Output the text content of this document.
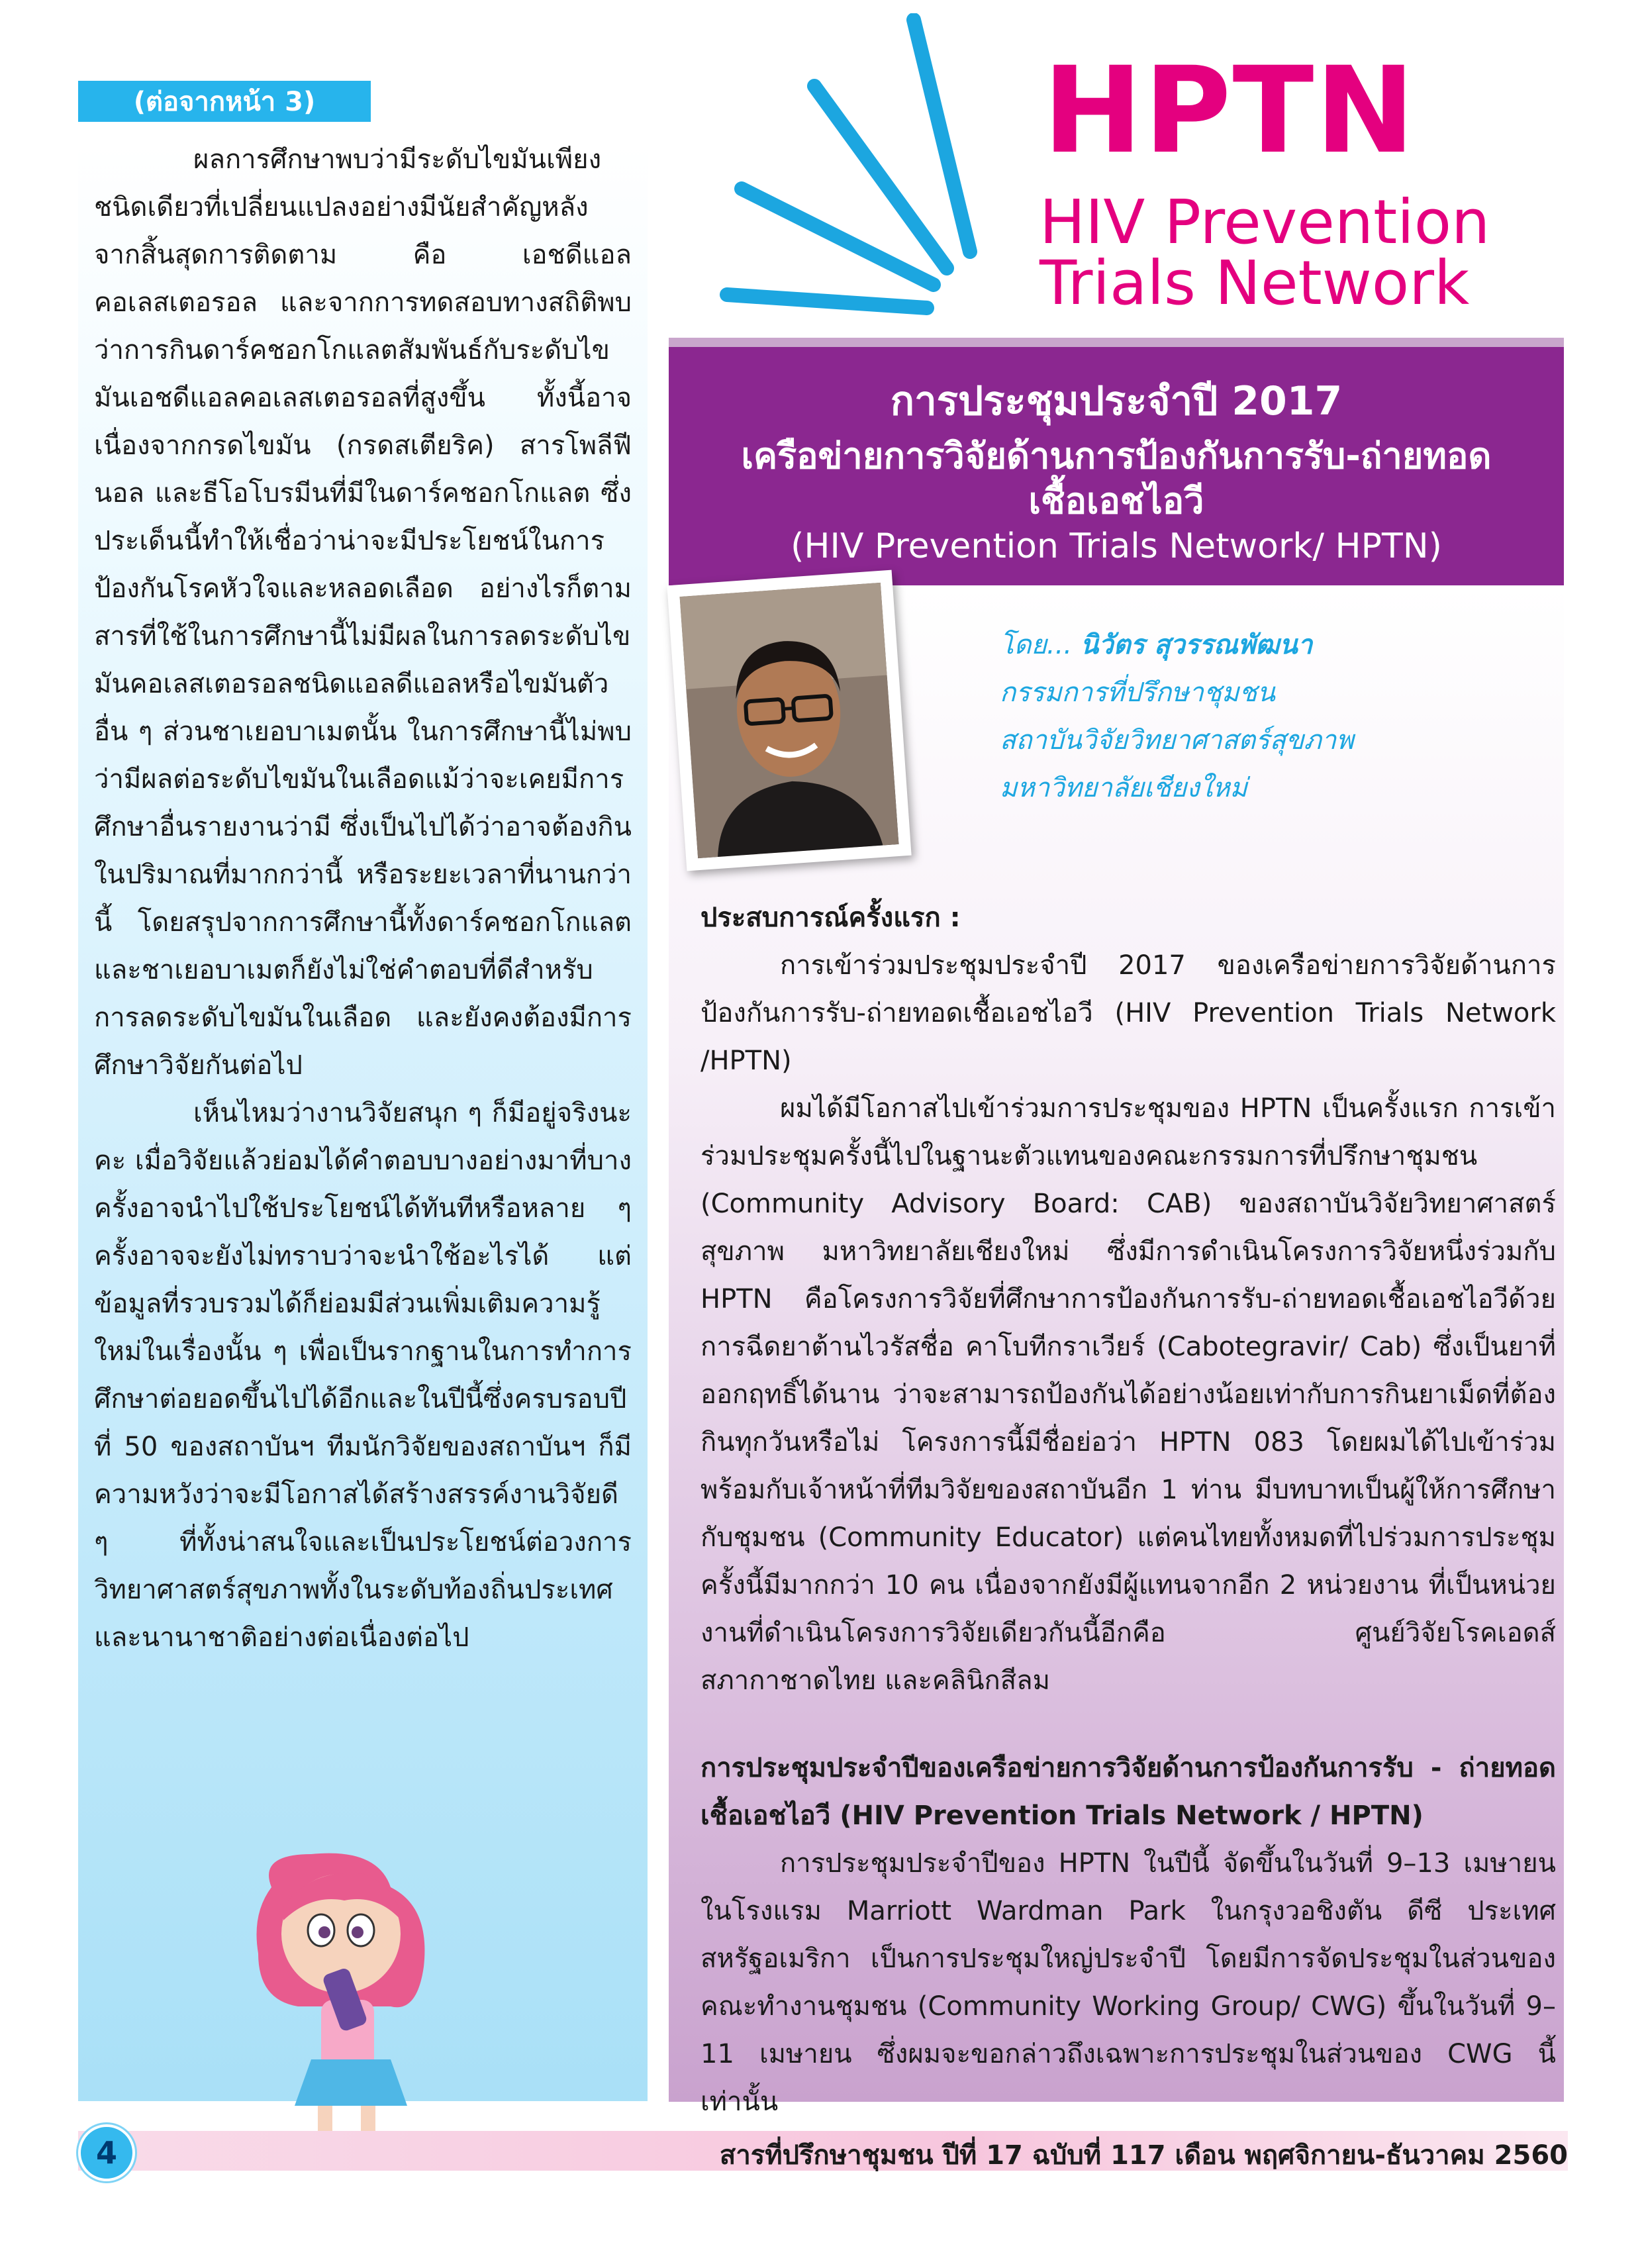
(ต่อจากหน้า 3)

ผลการศึกษาพบว่ามีระดับไขมันเพียงชนิดเดียวที่เปลี่ยนแปลงอย่างมีนัยสำคัญหลังจากสิ้นสุดการติดตาม คือ เอชดีแอลคอเลสเตอรอล และจากการทดสอบทางสถิติพบว่าการกินดาร์คชอกโกแลตสัมพันธ์กับระดับไขมันเอชดีแอลคอเลสเตอรอลที่สูงขึ้น ทั้งนี้อาจเนื่องจากกรดไขมัน (กรดสเตียริค) สารโพลีฟีนอล และธีโอโบรมีนที่มีในดาร์คชอกโกแลต ซึ่งประเด็นนี้ทำให้เชื่อว่าน่าจะมีประโยชน์ในการป้องกันโรคหัวใจและหลอดเลือด อย่างไรก็ตาม สารที่ใช้ในการศึกษานี้ไม่มีผลในการลดระดับไขมันคอเลสเตอรอลชนิดแอลดีแอลหรือไขมันตัวอื่น ๆ ส่วนชาเยอบาเมตนั้น ในการศึกษานี้ไม่พบว่ามีผลต่อระดับไขมันในเลือดแม้ว่าจะเคยมีการศึกษาอื่นรายงานว่ามี ซึ่งเป็นไปได้ว่าอาจต้องกินในปริมาณที่มากกว่านี้ หรือระยะเวลาที่นานกว่านี้ โดยสรุปจากการศึกษานี้ทั้งดาร์คชอกโกแลตและชาเยอบาเมตก็ยังไม่ใช่คำตอบที่ดีสำหรับการลดระดับไขมันในเลือด และยังคงต้องมีการศึกษาวิจัยกันต่อไป

เห็นไหมว่างานวิจัยสนุก ๆ ก็มีอยู่จริงนะคะ เมื่อวิจัยแล้วย่อมได้คำตอบบางอย่างมาที่บางครั้งอาจนำไปใช้ประโยชน์ได้ทันทีหรือหลาย ๆ ครั้งอาจจะยังไม่ทราบว่าจะนำใช้อะไรได้ แต่ข้อมูลที่รวบรวมได้ก็ย่อมมีส่วนเพิ่มเติมความรู้ใหม่ในเรื่องนั้น ๆ เพื่อเป็นรากฐานในการทำการศึกษาต่อยอดขึ้นไปได้อีกและในปีนี้ซึ่งครบรอบปีที่ 50 ของสถาบันฯ ทีมนักวิจัยของสถาบันฯ ก็มีความหวังว่าจะมีโอกาสได้สร้างสรรค์งานวิจัยดี ๆ ที่ทั้งน่าสนใจและเป็นประโยชน์ต่อวงการวิทยาศาสตร์สุขภาพทั้งในระดับท้องถิ่นประเทศและนานาชาติอย่างต่อเนื่องต่อไป

HPTN
HIV Prevention
Trials Network
การประชุมประจำปี 2017
เครือข่ายการวิจัยด้านการป้องกันการรับ-ถ่ายทอด
เชื้อเอชไอวี
(HIV Prevention Trials Network/ HPTN)
โดย... นิวัตร สุวรรณพัฒนา
กรรมการที่ปรึกษาชุมชน
สถาบันวิจัยวิทยาศาสตร์สุขภาพ
มหาวิทยาลัยเชียงใหม่
ประสบการณ์ครั้งแรก :

การเข้าร่วมประชุมประจำปี 2017 ของเครือข่ายการวิจัยด้านการป้องกันการรับ-ถ่ายทอดเชื้อเอชไอวี (HIV Prevention Trials Network /HPTN)

ผมได้มีโอกาสไปเข้าร่วมการประชุมของ HPTN เป็นครั้งแรก การเข้าร่วมประชุมครั้งนี้ไปในฐานะตัวแทนของคณะกรรมการที่ปรึกษาชุมชน (Community Advisory Board: CAB) ของสถาบันวิจัยวิทยาศาสตร์สุขภาพ มหาวิทยาลัยเชียงใหม่ ซึ่งมีการดำเนินโครงการวิจัยหนึ่งร่วมกับ HPTN คือโครงการวิจัยที่ศึกษาการป้องกันการรับ-ถ่ายทอดเชื้อเอชไอวีด้วยการฉีดยาต้านไวรัสชื่อ คาโบทีกราเวียร์ (Cabotegravir/ Cab) ซึ่งเป็นยาที่ออกฤทธิ์ได้นาน ว่าจะสามารถป้องกันได้อย่างน้อยเท่ากับการกินยาเม็ดที่ต้องกินทุกวันหรือไม่ โครงการนี้มีชื่อย่อว่า HPTN 083 โดยผมได้ไปเข้าร่วมพร้อมกับเจ้าหน้าที่ทีมวิจัยของสถาบันอีก 1 ท่าน มีบทบาทเป็นผู้ให้การศึกษากับชุมชน (Community Educator) แต่คนไทยทั้งหมดที่ไปร่วมการประชุมครั้งนี้มีมากกว่า 10 คน เนื่องจากยังมีผู้แทนจากอีก 2 หน่วยงาน ที่เป็นหน่วยงานที่ดำเนินโครงการวิจัยเดียวกันนี้อีกคือ ศูนย์วิจัยโรคเอดส์ สภากาชาดไทย และคลินิกสีลม

การประชุมประจำปีของเครือข่ายการวิจัยด้านการป้องกันการรับ - ถ่ายทอดเชื้อเอชไอวี (HIV Prevention Trials Network / HPTN)

การประชุมประจำปีของ HPTN ในปีนี้ จัดขึ้นในวันที่ 9–13 เมษายน ในโรงแรม Marriott Wardman Park ในกรุงวอชิงตัน ดีซี ประเทศสหรัฐอเมริกา เป็นการประชุมใหญ่ประจำปี โดยมีการจัดประชุมในส่วนของคณะทำงานชุมชน (Community Working Group/ CWG) ขึ้นในวันที่ 9–11 เมษายน ซึ่งผมจะขอกล่าวถึงเฉพาะการประชุมในส่วนของ CWG นี้เท่านั้น

4	สารที่ปรึกษาชุมชน ปีที่ 17 ฉบับที่ 117 เดือน พฤศจิกายน-ธันวาคม 2560
